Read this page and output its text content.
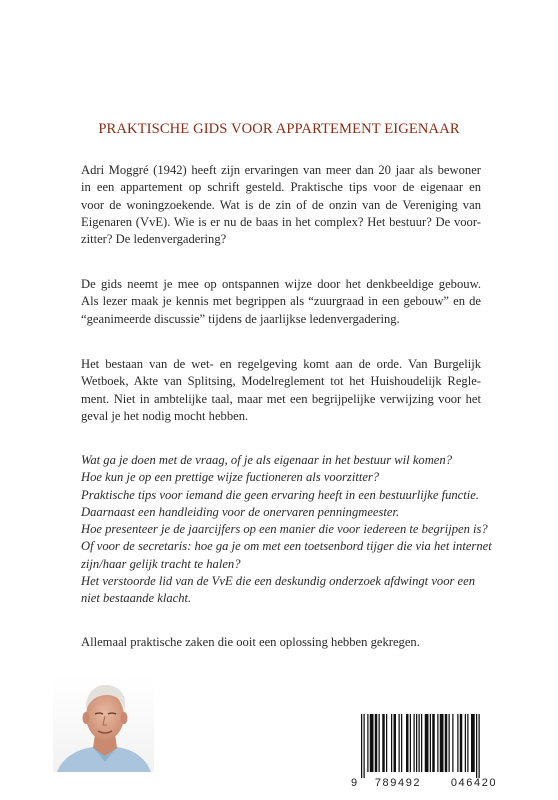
PRAKTISCHE GIDS VOOR APPARTEMENT EIGENAAR
Adri Moggré (1942) heeft zijn ervaringen van meer dan 20 jaar als bewoner
in een appartement op schrift gesteld. Praktische tips voor de eigenaar en
voor de woningzoekende. Wat is de zin of de onzin van de Vereniging van
Eigenaren (VvE). Wie is er nu de baas in het complex? Het bestuur? De voor-
zitter? De ledenvergadering?
De gids neemt je mee op ontspannen wijze door het denkbeeldige gebouw.
Als lezer maak je kennis met begrippen als “zuurgraad in een gebouw” en de
“geanimeerde discussie” tijdens de jaarlijkse ledenvergadering.
Het bestaan van de wet- en regelgeving komt aan de orde. Van Burgelijk
Wetboek, Akte van Splitsing, Modelreglement tot het Huishoudelijk Regle-
ment. Niet in ambtelijke taal, maar met een begrijpelijke verwijzing voor het
geval je het nodig mocht hebben.
Wat ga je doen met de vraag, of je als eigenaar in het bestuur wil komen?
Hoe kun je op een prettige wijze fuctioneren als voorzitter?
Praktische tips voor iemand die geen ervaring heeft in een bestuurlijke functie.
Daarnaast een handleiding voor de onervaren penningmeester.
Hoe presenteer je de jaarcijfers op een manier die voor iedereen te begrijpen is?
Of voor de secretaris: hoe ga je om met een toetsenbord tijger die via het internet
zijn/haar gelijk tracht te halen?
Het verstoorde lid van de VvE die een deskundig onderzoek afdwingt voor een
niet bestaande klacht.
Allemaal praktische zaken die ooit een oplossing hebben gekregen.
9 789492	046420
